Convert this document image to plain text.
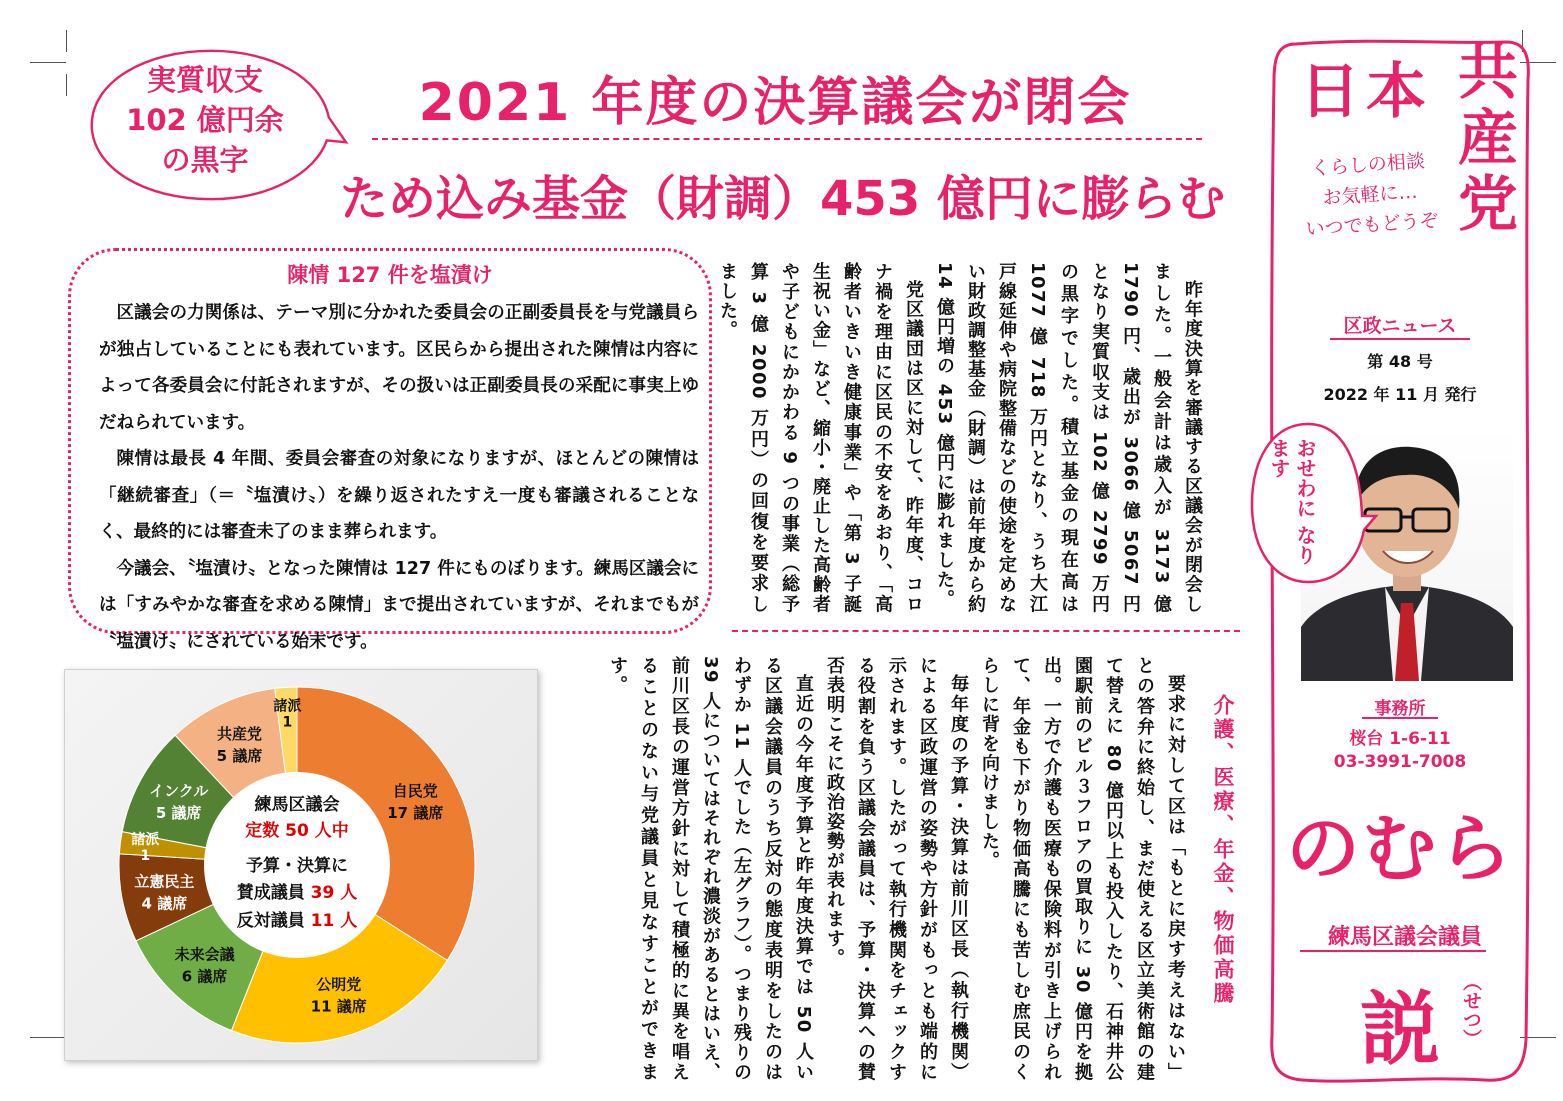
実質収支
102 億円余
の黒字
2021 年度の決算議会が閉会
ため込み基金（財調）453 億円に膨らむ
陳情 127 件を塩漬け

区議会の力関係は、テーマ別に分かれた委員会の正副委員長を与党議員らが独占していることにも表れています。区民らから提出された陳情は内容によって各委員会に付託されますが、その扱いは正副委員長の采配に事実上ゆだねられています。

陳情は最長 4 年間、委員会審査の対象になりますが、ほとんどの陳情は「継続審査」（＝〝塩漬け〟）を繰り返されたすえ一度も審議されることなく、最終的には審査未了のまま葬られます。

今議会、〝塩漬け〟となった陳情は 127 件にものぼります。練馬区議会には「すみやかな審査を求める陳情」まで提出されていますが、それまでもが〝塩漬け〟にされている始末です。

昨年度決算を審議する区議会が閉会しました。一般会計は歳入が 3173 億 1790 円、歳出が 3066 億 5067 円となり実質収支は 102 億 2799 万円の黒字でした。積立基金の現在高は 1077 億 718 万円となり、うち大江戸線延伸や病院整備などの使途を定めない財政調整基金（財調）は前年度から約 14 億円増の 453 億円に膨れました。

党区議団は区に対して、昨年度、コロナ禍を理由に区民の不安をあおり、「高齢者いきいき健康事業」や「第 3 子誕生祝い金」など、縮小・廃止した高齢者や子どもにかかわる 9 つの事業（総予算 3 億 2000 万円）の回復を要求しました。

介護、医療、年金、物価高騰

要求に対して区は「もとに戻す考えはない」との答弁に終始し、まだ使える区立美術館の建て替えに 80 億円以上も投入したり、石神井公園駅前のビル３フロアの買取りに 30 億円を拠出。一方で介護も医療も保険料が引き上げられて、年金も下がり物価高騰にも苦しむ庶民のくらしに背を向けました。

毎年度の予算・決算は前川区長（執行機関）による区政運営の姿勢や方針がもっとも端的に示されます。したがって執行機関をチェックする役割を負う区議会議員は、予算・決算への賛否表明こそに政治姿勢が表れます。

直近の今年度予算と昨年度決算では 50 人いる区議会議員のうち反対の態度表明をしたのはわずか 11 人でした（左グラフ）。つまり残りの 39 人についてはそれぞれ濃淡があるとはいえ、前川区長の運営方針に対して積極的に異を唱えることのない与党議員と見なすことができます。

自民党
17 議席
公明党
11 議席
未来会議
6 議席
立憲民主
4 議席
諸派
1
インクル
5 議席
共産党
5 議席
諸派
1
練馬区議会
定数 50 人中
予算・決算に
賛成議員 39 人
反対議員 11 人
日本 共産党
くらしの相談
お気軽に…
いつでもどうぞ
区政ニュース
第 48 号
2022 年 11 月 発行
おせわに なります
事務所
桜台 1-6-11
03-3991-7008
のむら
練馬区議会議員
説	（せつ）
